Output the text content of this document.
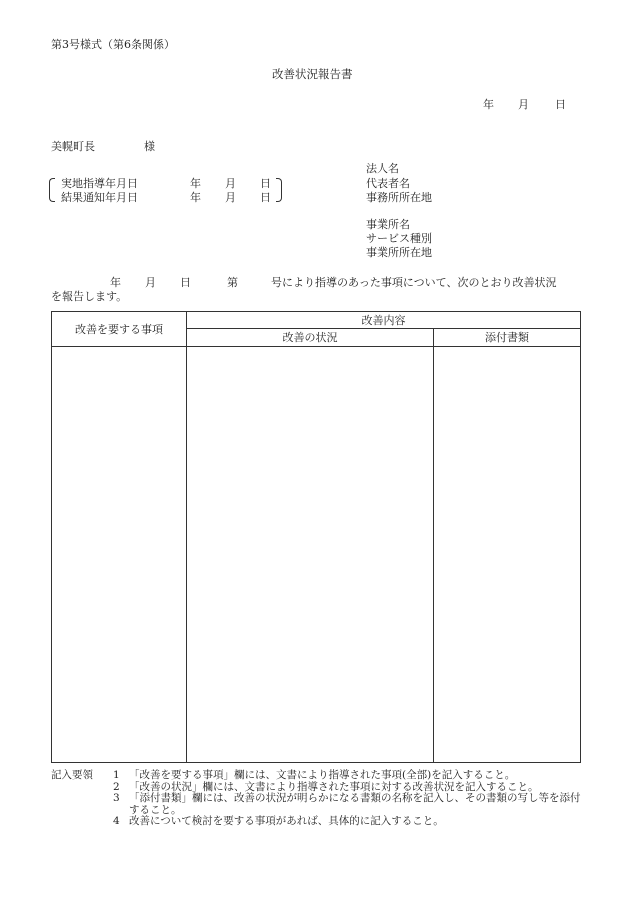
第3号様式（第6条関係）
改善状況報告書
年 月 日
美幌町長	様
実地指導年月日
結果通知年月日
年 月 日
年 月 日
法人名
代表者名
事務所所在地
事業所名
サービス種別
事業所所在地
年 月 日	第	号により指導のあった事項について、次のとおり改善状況
を報告します。
改善を要する事項	改善内容	
	改善の状況	添付書類

記入要領	1 「改善を要する事項」欄には、文書により指導された事項(全部)を記入すること。
2 「改善の状況」欄には、文書により指導された事項に対する改善状況を記入すること。
3 「添付書類」欄には、改善の状況が明らかになる書類の名称を記入し、その書類の写し等を添付すること。
4 改善について検討を要する事項があれば、具体的に記入すること。
